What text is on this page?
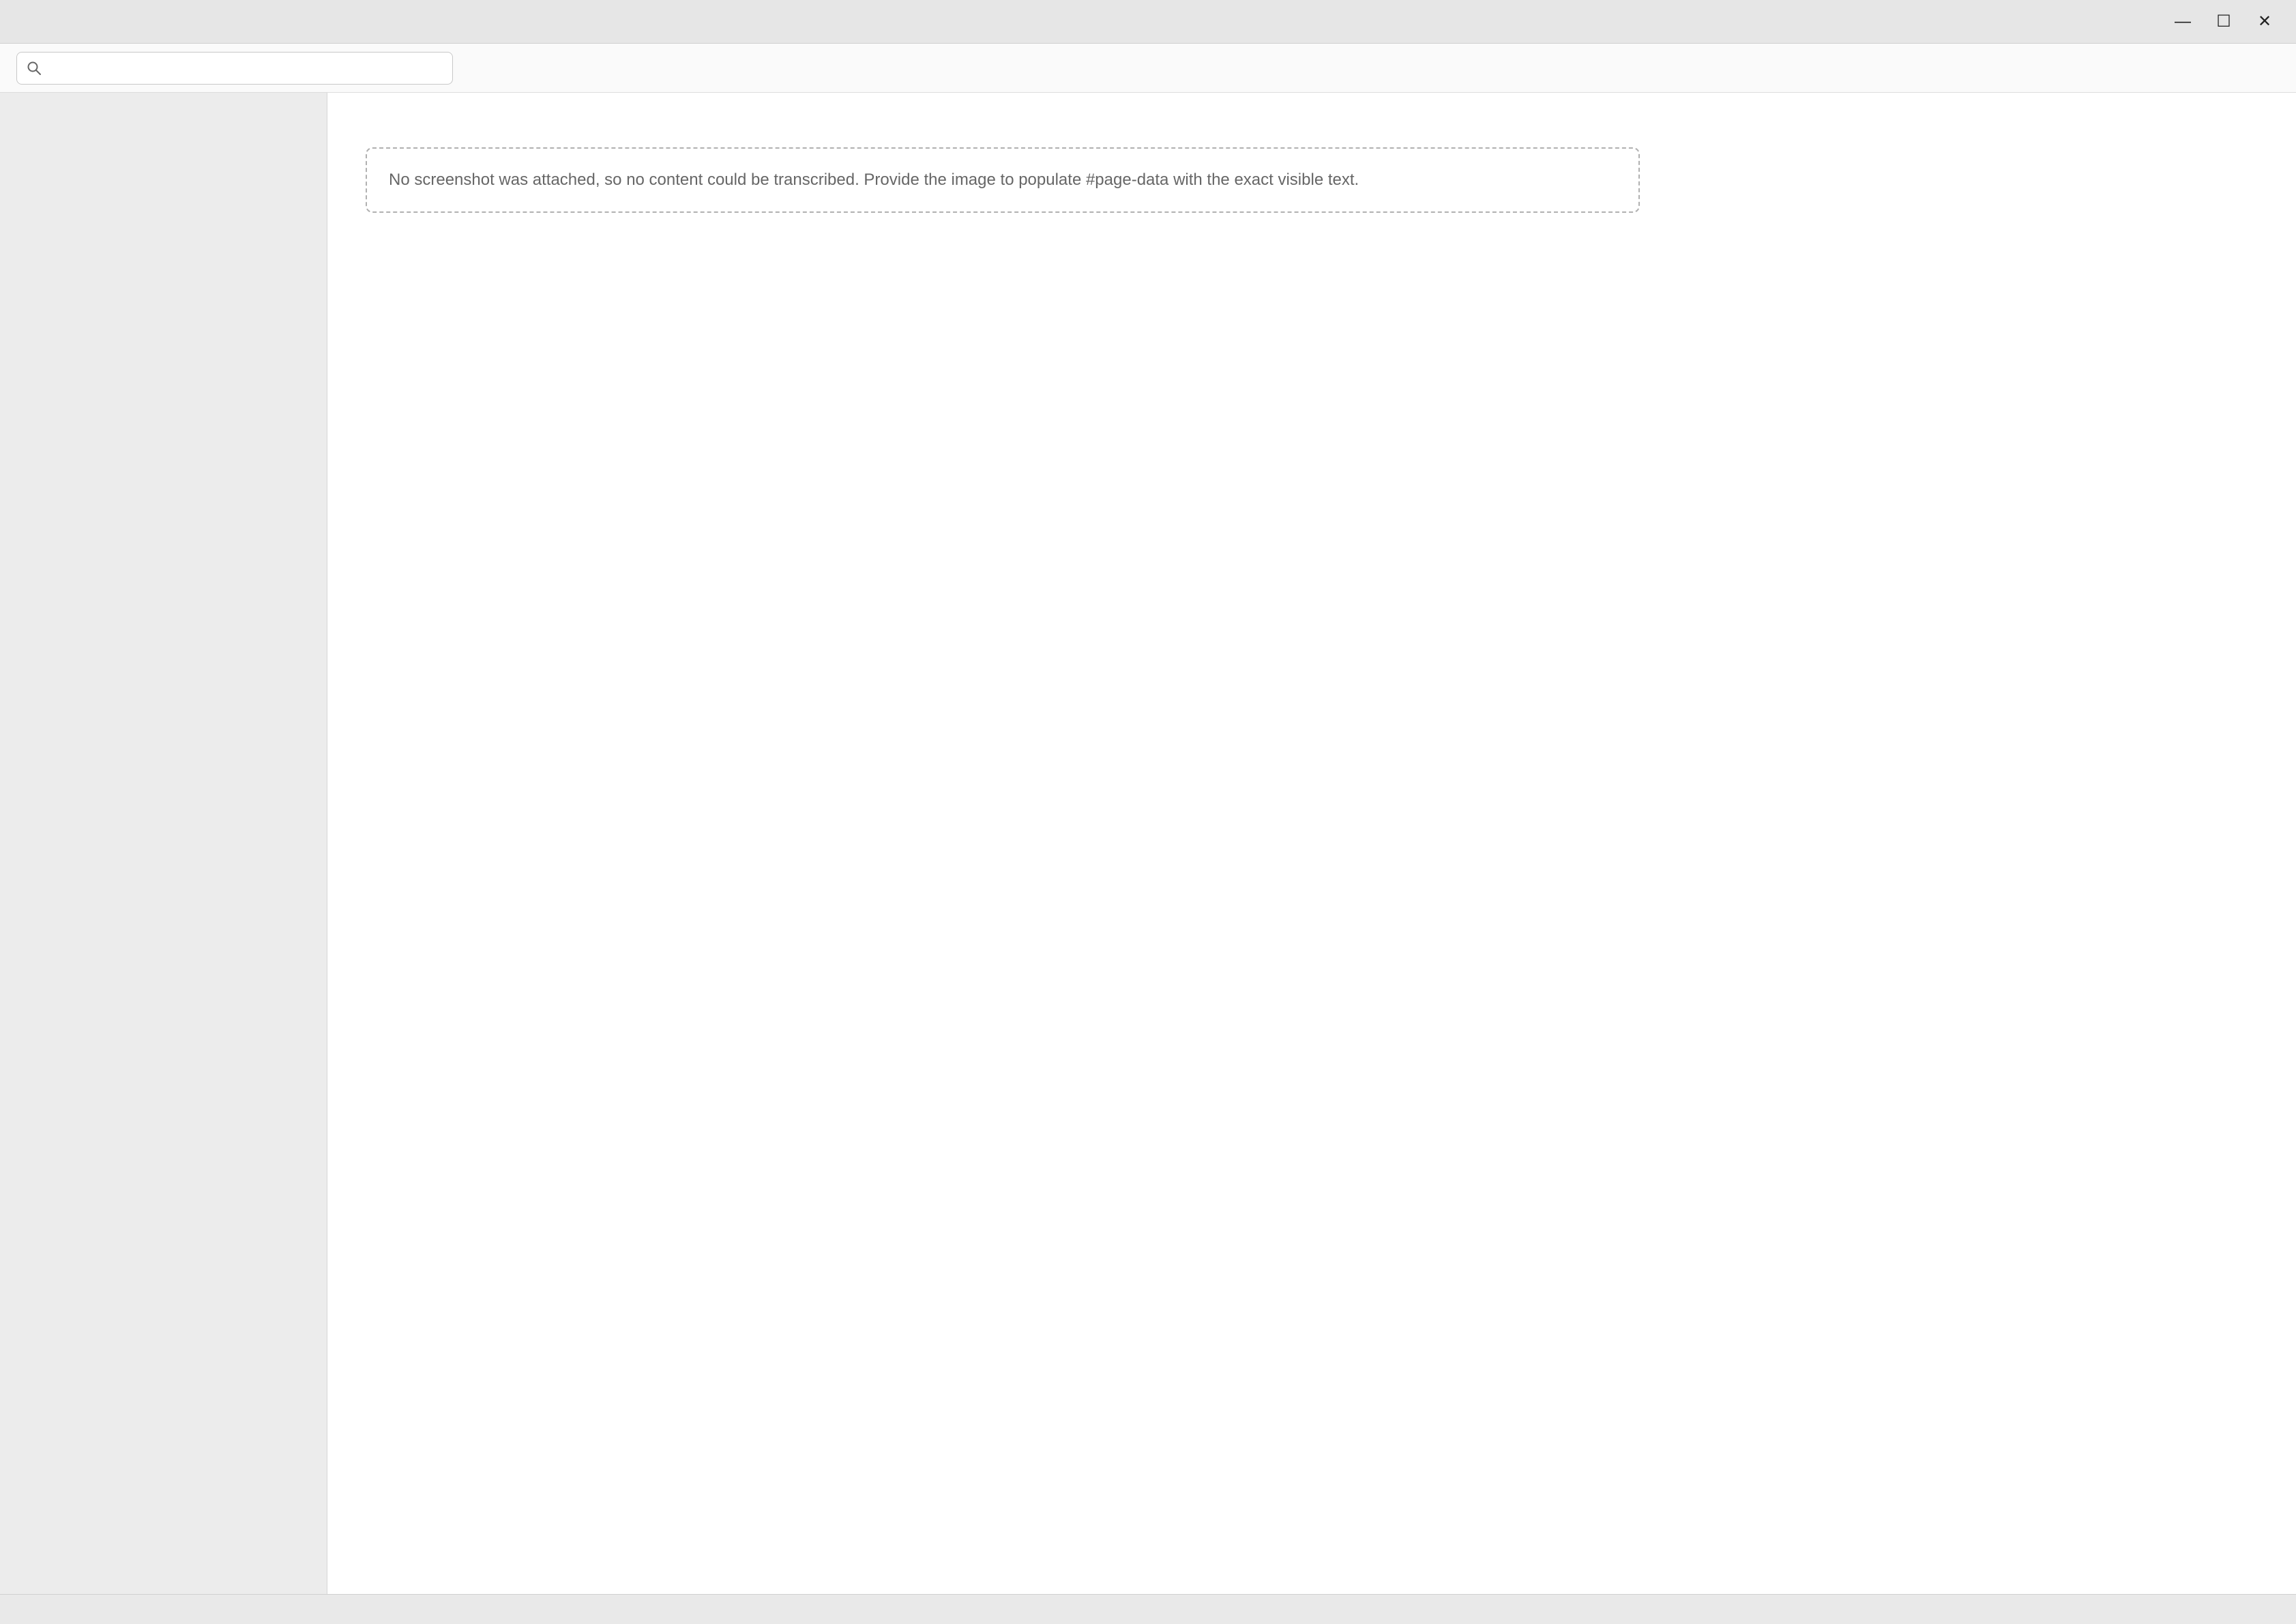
—	☐	✕
No screenshot was attached, so no content could be transcribed. Provide the image to populate #page-data with the exact visible text.
